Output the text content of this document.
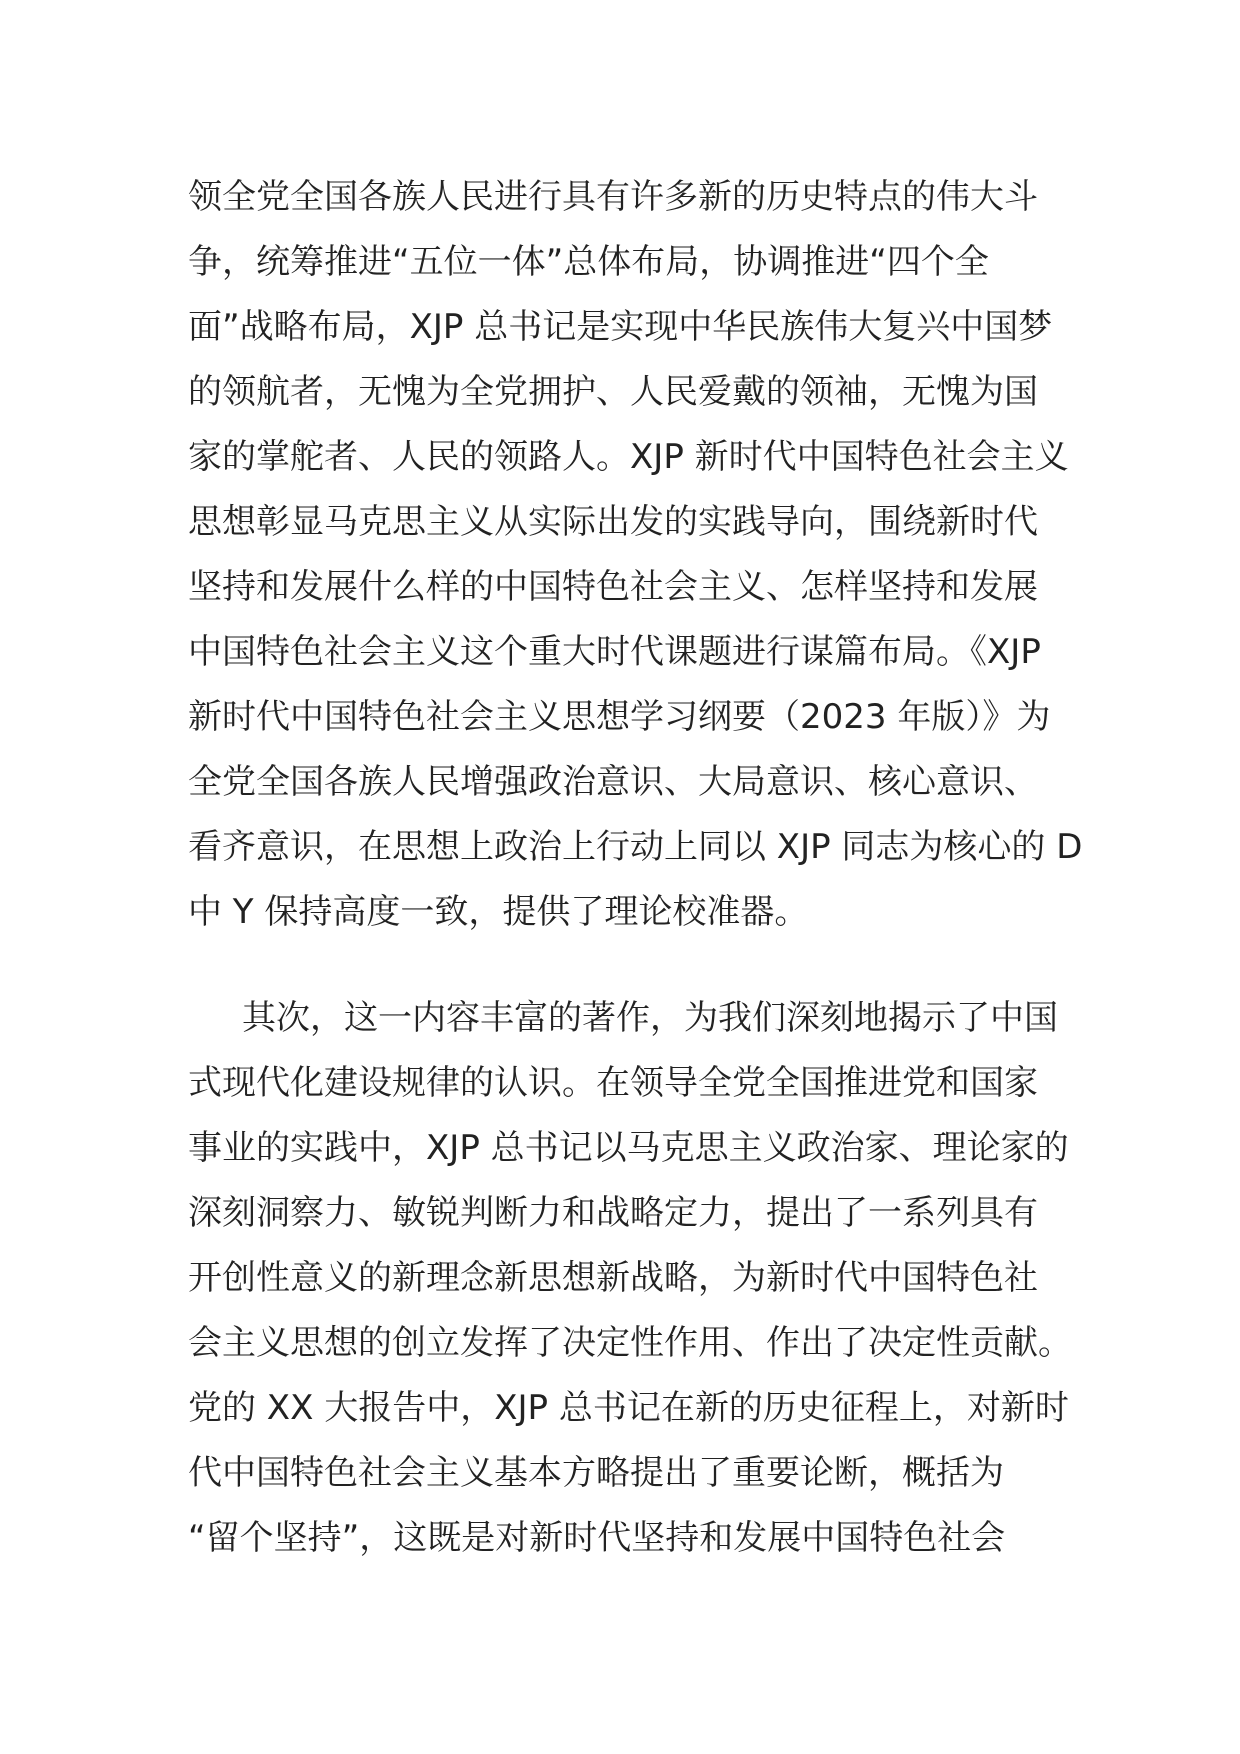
领全党全国各族人民进行具有许多新的历史特点的伟大斗
争，统筹推进“五位一体”总体布局，协调推进“四个全
面”战略布局，XJP 总书记是实现中华民族伟大复兴中国梦
的领航者，无愧为全党拥护、人民爱戴的领袖，无愧为国
家的掌舵者、人民的领路人。XJP 新时代中国特色社会主义
思想彰显马克思主义从实际出发的实践导向，围绕新时代
坚持和发展什么样的中国特色社会主义、怎样坚持和发展
中国特色社会主义这个重大时代课题进行谋篇布局。《XJP
新时代中国特色社会主义思想学习纲要（2023 年版）》为
全党全国各族人民增强政治意识、大局意识、核心意识、
看齐意识，在思想上政治上行动上同以 XJP 同志为核心的 D
中 Y 保持高度一致，提供了理论校准器。
其次，这一内容丰富的著作，为我们深刻地揭示了中国
式现代化建设规律的认识。在领导全党全国推进党和国家
事业的实践中，XJP 总书记以马克思主义政治家、理论家的
深刻洞察力、敏锐判断力和战略定力，提出了一系列具有
开创性意义的新理念新思想新战略，为新时代中国特色社
会主义思想的创立发挥了决定性作用、作出了决定性贡献。
党的 XX 大报告中，XJP 总书记在新的历史征程上，对新时
代中国特色社会主义基本方略提出了重要论断，概括为
“留个坚持”，这既是对新时代坚持和发展中国特色社会
